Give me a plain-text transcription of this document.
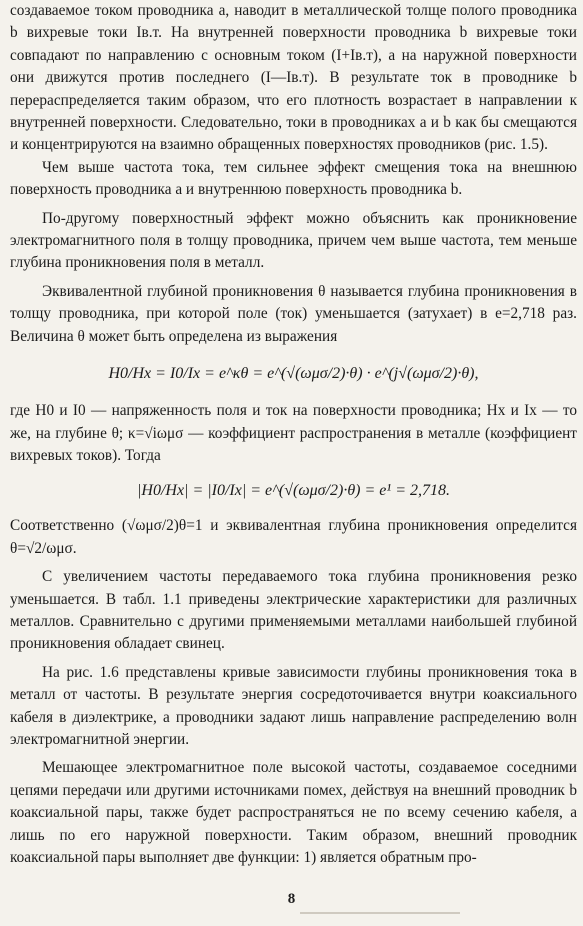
создаваемое током проводника a, наводит в металлической толще полого проводника b вихревые токи Iв.т. На внутренней поверхности проводника b вихревые токи совпадают по направлению с основным током (I+Iв.т), а на наружной поверхности они движутся против последнего (I—Iв.т). В результате ток в проводнике b перераспределяется таким образом, что его плотность возрастает в направлении к внутренней поверхности. Следовательно, токи в проводниках a и b как бы смещаются и концентрируются на взаимно обращенных поверхностях проводников (рис. 1.5).

Чем выше частота тока, тем сильнее эффект смещения тока на внешнюю поверхность проводника a и внутреннюю поверхность проводника b.

По-другому поверхностный эффект можно объяснить как проникновение электромагнитного поля в толщу проводника, причем чем выше частота, тем меньше глубина проникновения поля в металл.

Эквивалентной глубиной проникновения θ называется глубина проникновения в толщу проводника, при которой поле (ток) уменьшается (затухает) в e=2,718 раз. Величина θ может быть определена из выражения

H0/Hx = I0/Ix = e^κθ = e^(√(ωμσ/2)·θ) · e^(j√(ωμσ/2)·θ),

где H0 и I0 — напряженность поля и ток на поверхности проводника; Hx и Ix — то же, на глубине θ; κ=√iωμσ — коэффициент распространения в металле (коэффициент вихревых токов). Тогда

|H0/Hx| = |I0/Ix| = e^(√(ωμσ/2)·θ) = e¹ = 2,718.

Соответственно (√ωμσ/2)θ=1 и эквивалентная глубина проникновения определится θ=√2/ωμσ.

С увеличением частоты передаваемого тока глубина проникновения резко уменьшается. В табл. 1.1 приведены электрические характеристики для различных металлов. Сравнительно с другими применяемыми металлами наибольшей глубиной проникновения обладает свинец.

На рис. 1.6 представлены кривые зависимости глубины проникновения тока в металл от частоты. В результате энергия сосредоточивается внутри коаксиального кабеля в диэлектрике, а проводники задают лишь направление распределению волн электромагнитной энергии.

Мешающее электромагнитное поле высокой частоты, создаваемое соседними цепями передачи или другими источниками помех, действуя на внешний проводник b коаксиальной пары, также будет распространяться не по всему сечению кабеля, а лишь по его наружной поверхности. Таким образом, внешний проводник коаксиальной пары выполняет две функции: 1) является обратным про-

8
